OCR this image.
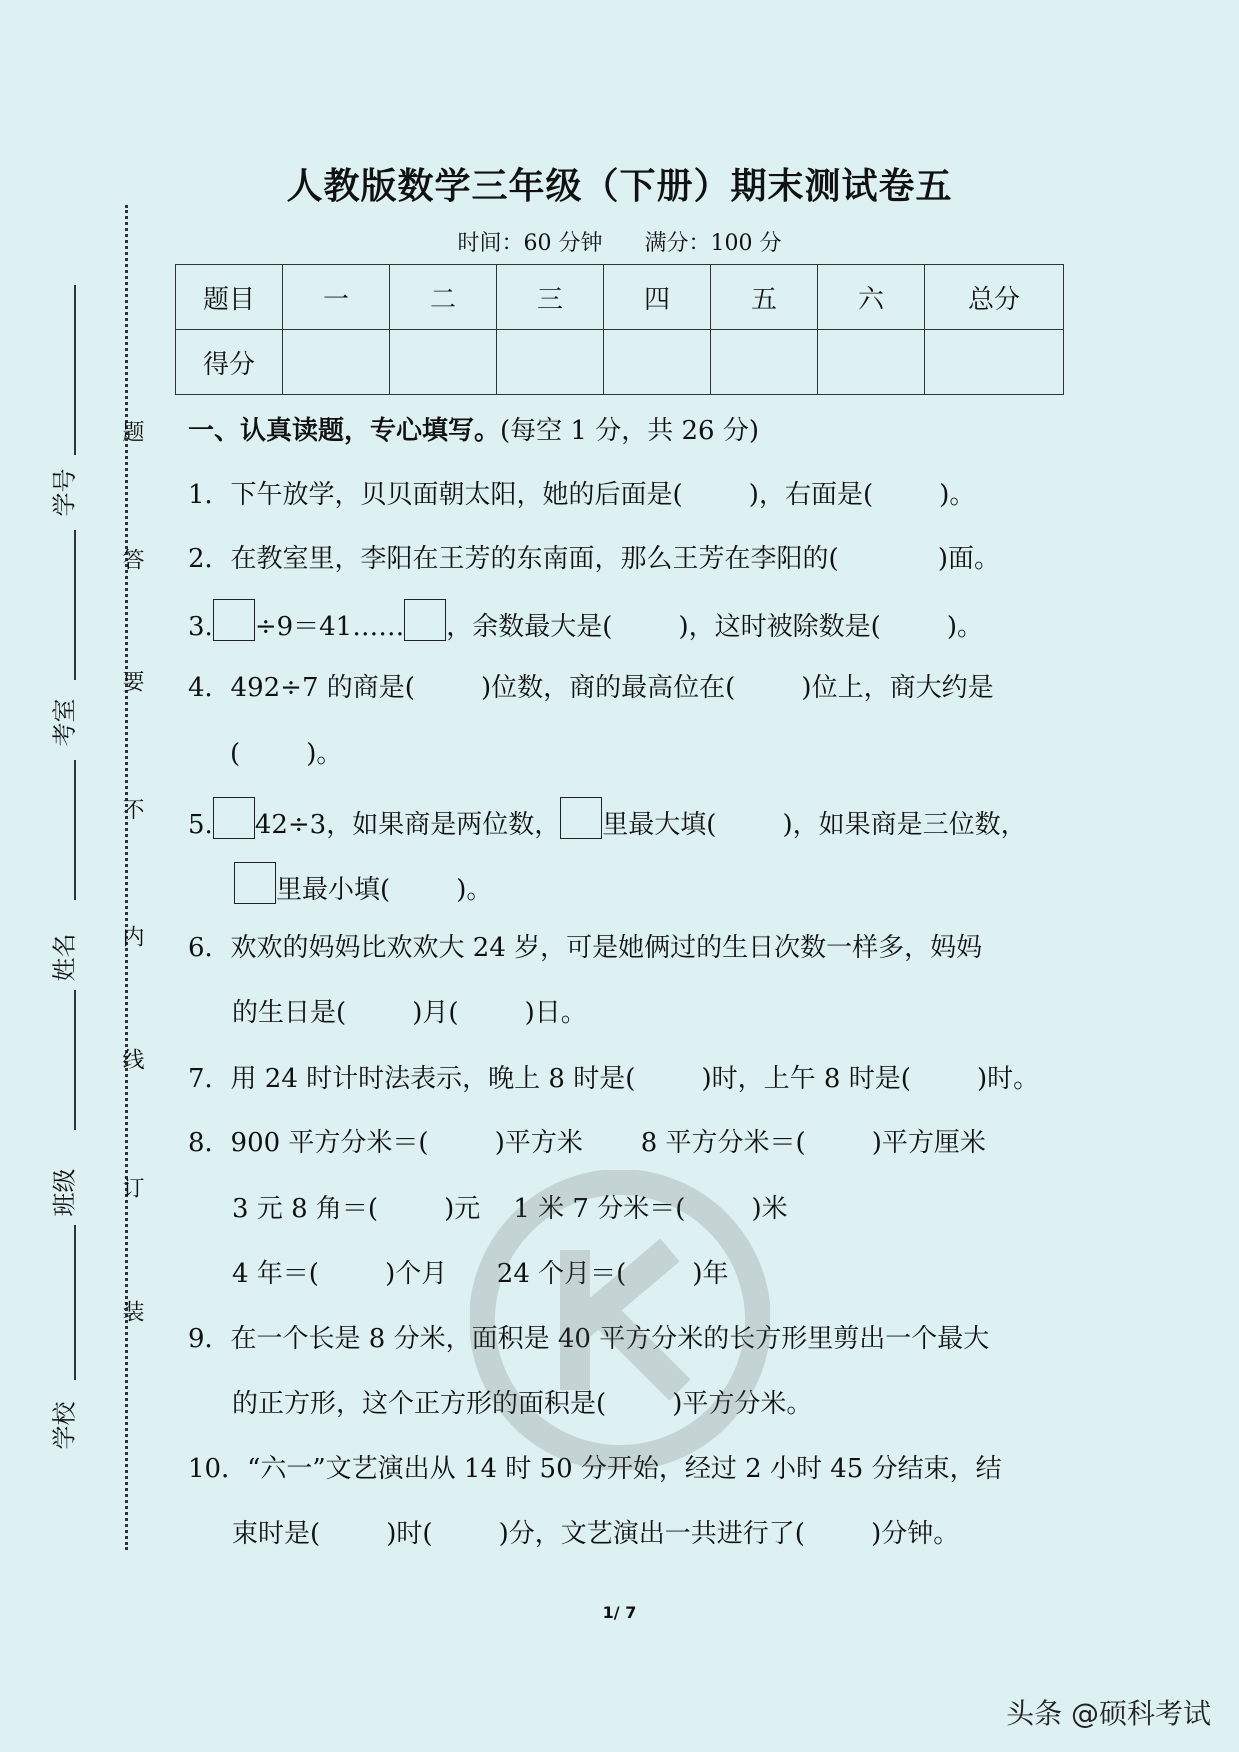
题
答
要
不
内
线
订
装
学号
考室
姓名
班级
学校
人教版数学三年级（下册）期末测试卷五
时间：60 分钟      满分：100 分
题目	一	二	三	四	五	六	总分
得分							
一、认真读题，专心填写。(每空 1 分，共 26 分)
1．下午放学，贝贝面朝太阳，她的后面是(        )，右面是(        )。
2．在教室里，李阳在王芳的东南面，那么王芳在李阳的(            )面。
3. ÷9＝41…… ，余数最大是(        )，这时被除数是(        )。
4．492÷7 的商是(        )位数，商的最高位在(        )位上，商大约是
(        )。
5. 42÷3，如果商是两位数， 里最大填(        )，如果商是三位数，
里最小填(        )。
6．欢欢的妈妈比欢欢大 24 岁，可是她俩过的生日次数一样多，妈妈
的生日是(        )月(        )日。
7．用 24 时计时法表示，晚上 8 时是(        )时，上午 8 时是(        )时。
8．900 平方分米＝(        )平方米       8 平方分米＝(        )平方厘米
3 元 8 角＝(        )元    1 米 7 分米＝(        )米
4 年＝(        )个月      24 个月＝(        )年
9．在一个长是 8 分米，面积是 40 平方分米的长方形里剪出一个最大
的正方形，这个正方形的面积是(        )平方分米。
10．“六一”文艺演出从 14 时 50 分开始，经过 2 小时 45 分结束，结
束时是(        )时(        )分，文艺演出一共进行了(        )分钟。
1/ 7
头条 @硕科考试
